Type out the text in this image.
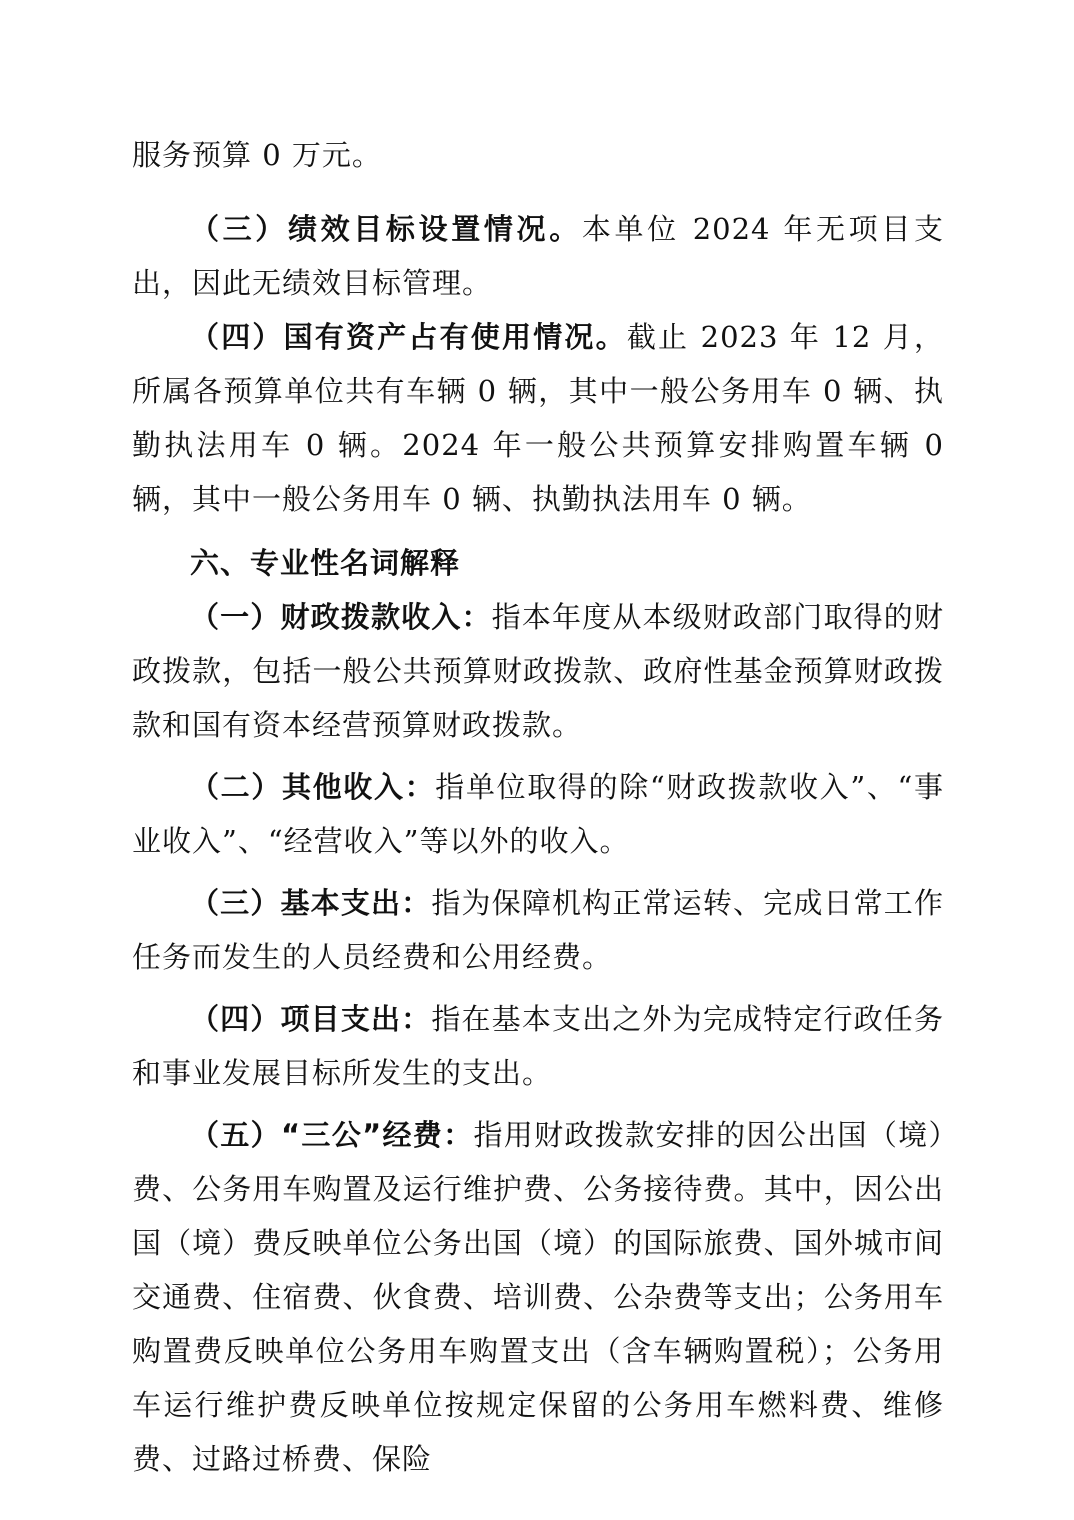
服务预算 0 万元。

（三）绩效目标设置情况。本单位 2024 年无项目支出，因此无绩效目标管理。

（四）国有资产占有使用情况。截止 2023 年 12 月，所属各预算单位共有车辆 0 辆，其中一般公务用车 0 辆、执勤执法用车 0 辆。2024 年一般公共预算安排购置车辆 0 辆，其中一般公务用车 0 辆、执勤执法用车 0 辆。

六、专业性名词解释

（一）财政拨款收入：指本年度从本级财政部门取得的财政拨款，包括一般公共预算财政拨款、政府性基金预算财政拨款和国有资本经营预算财政拨款。

（二）其他收入：指单位取得的除“财政拨款收入”、“事业收入”、“经营收入”等以外的收入。

（三）基本支出：指为保障机构正常运转、完成日常工作任务而发生的人员经费和公用经费。

（四）项目支出：指在基本支出之外为完成特定行政任务和事业发展目标所发生的支出。

（五）“三公”经费：指用财政拨款安排的因公出国（境）费、公务用车购置及运行维护费、公务接待费。其中，因公出国（境）费反映单位公务出国（境）的国际旅费、国外城市间交通费、住宿费、伙食费、培训费、公杂费等支出；公务用车购置费反映单位公务用车购置支出（含车辆购置税）；公务用车运行维护费反映单位按规定保留的公务用车燃料费、维修费、过路过桥费、保险
